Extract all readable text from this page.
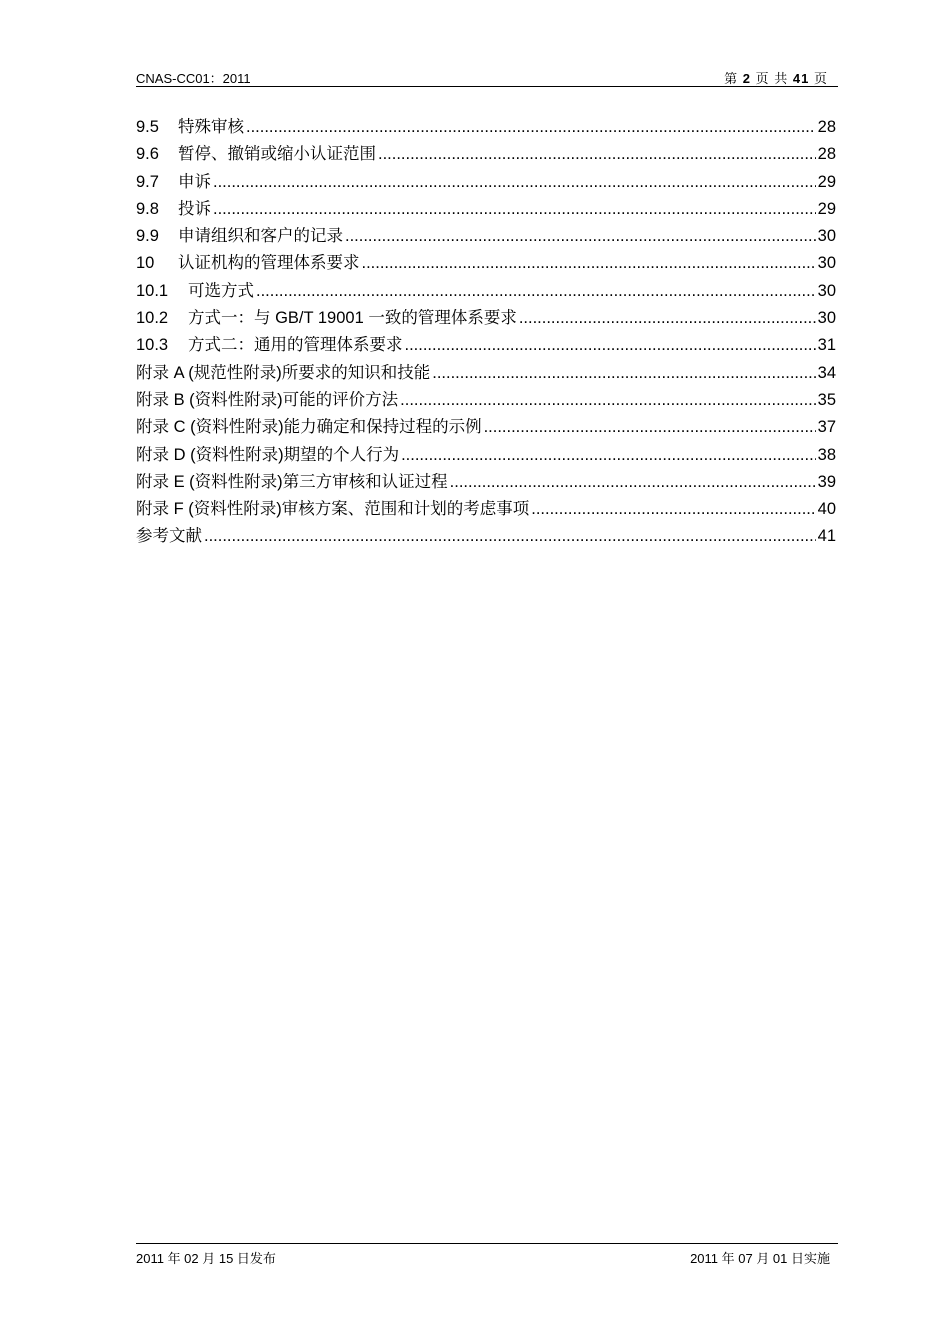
CNAS-CC01：2011	第 2 页 共 41 页
9.5	特殊审核 .....	28
9.6	暂停、撤销或缩小认证范围 .....	28
9.7	申诉 .....	29
9.8	投诉 .....	29
9.9	申请组织和客户的记录 .....	30
10	认证机构的管理体系要求 .....	30
10.1	可选方式 .....	30
10.2	方式一：与 GB/T 19001 一致的管理体系要求 .....	30
10.3	方式二：通用的管理体系要求 .....	31
附录 A (规范性附录)所要求的知识和技能 .....	34
附录 B (资料性附录)可能的评价方法 .....	35
附录 C (资料性附录)能力确定和保持过程的示例 .....	37
附录 D (资料性附录)期望的个人行为 .....	38
附录 E (资料性附录)第三方审核和认证过程 .....	39
附录 F (资料性附录)审核方案、范围和计划的考虑事项 .....	40
参考文献 .....	41
2011 年 02 月 15 日发布	2011 年 07 月 01 日实施
